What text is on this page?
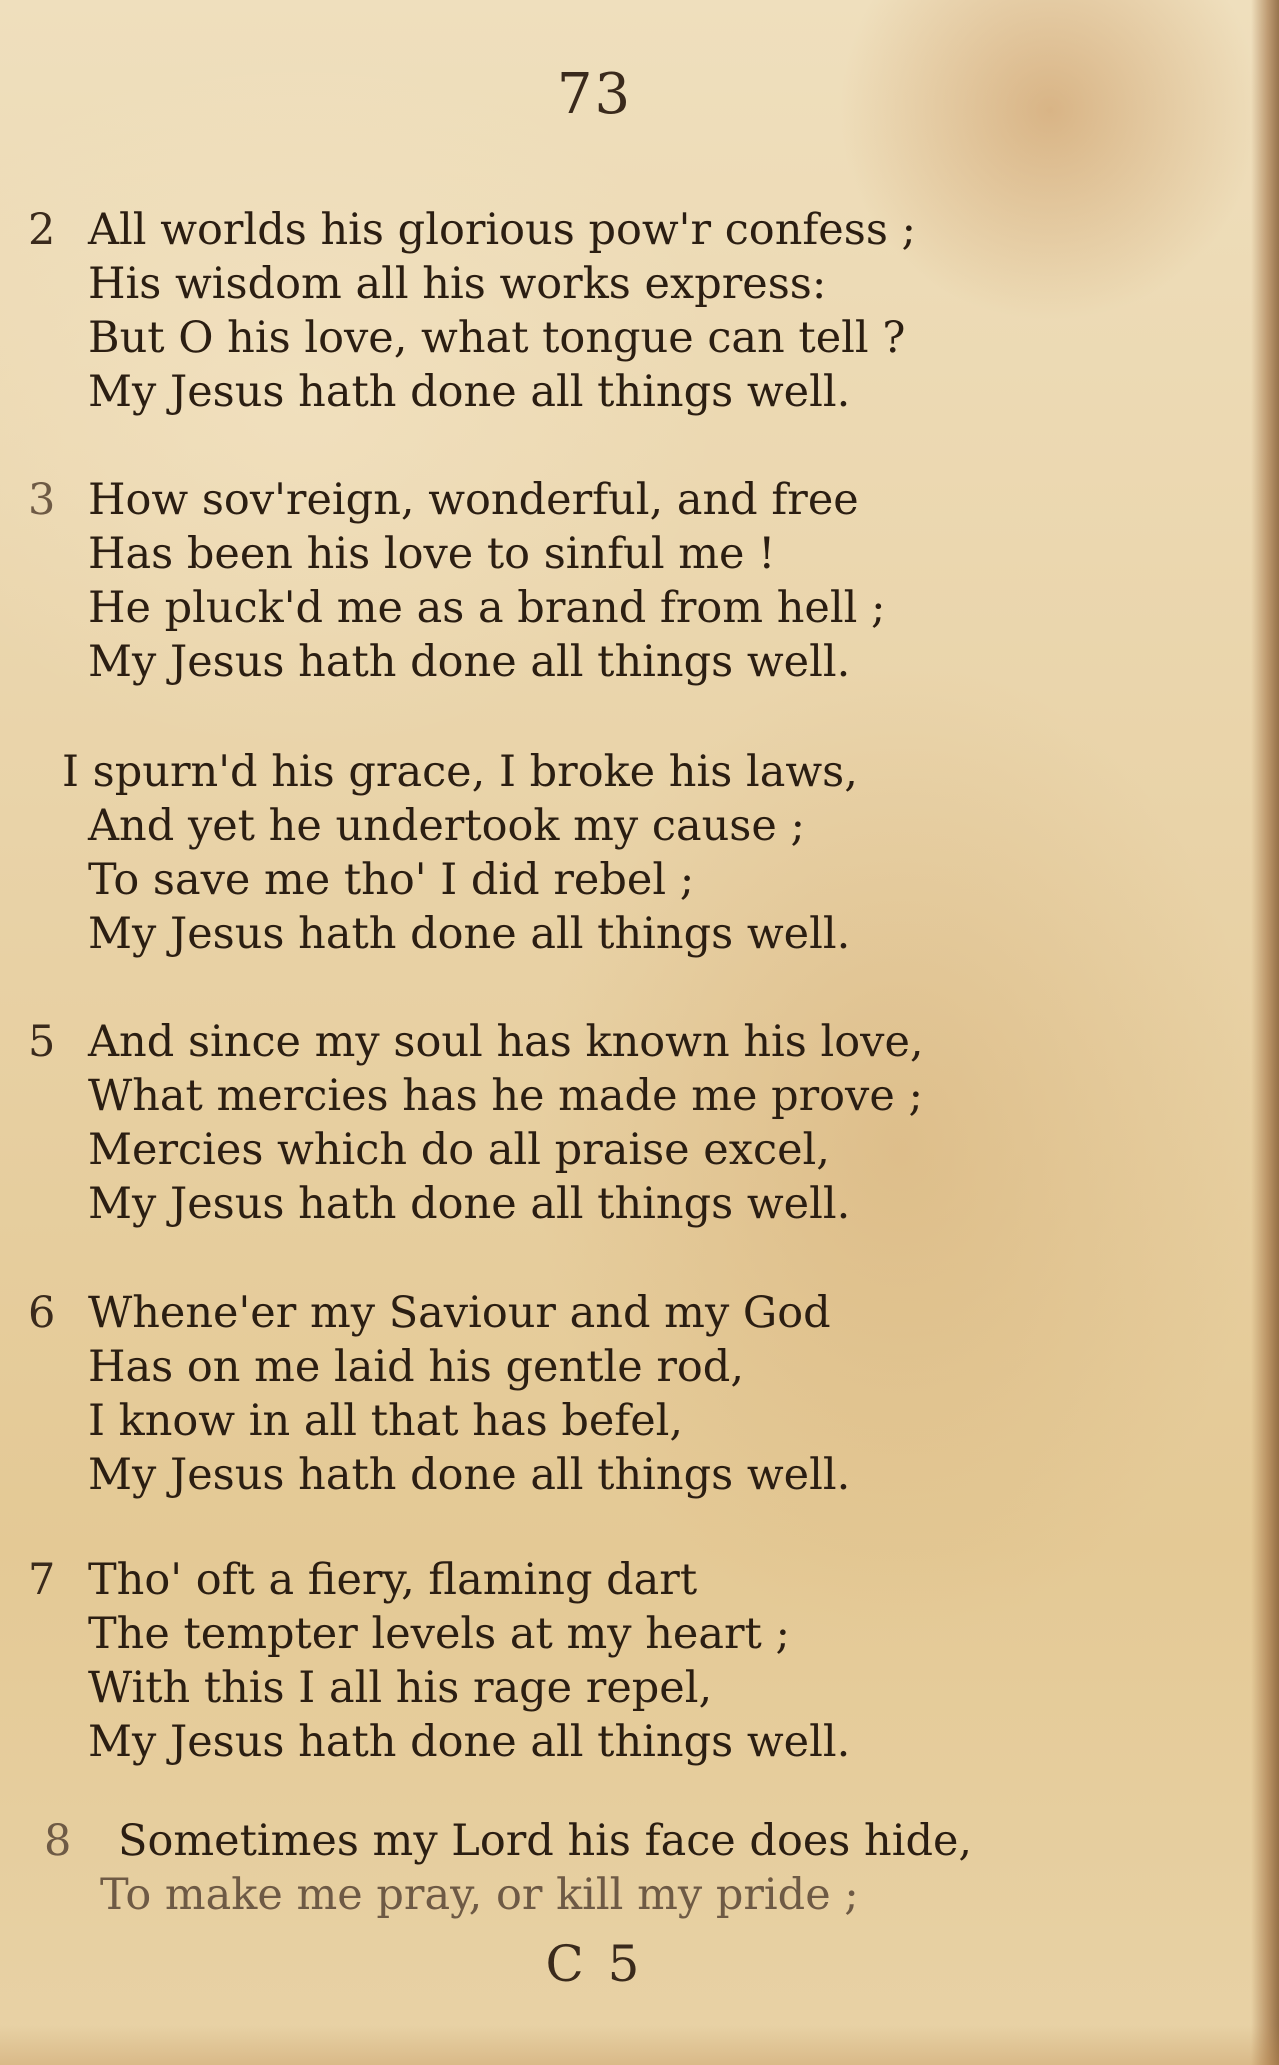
73
2 All worlds his glorious pow'r confess ;
His wisdom all his works express:
But O his love, what tongue can tell ?
My Jesus hath done all things well.
3 How sov'reign, wonderful, and free
Has been his love to sinful me !
He pluck'd me as a brand from hell ;
My Jesus hath done all things well.
I spurn'd his grace, I broke his laws,
And yet he undertook my cause ;
To save me tho' I did rebel ;
My Jesus hath done all things well.
5 And since my soul has known his love,
What mercies has he made me prove ;
Mercies which do all praise excel,
My Jesus hath done all things well.
6 Whene'er my Saviour and my God
Has on me laid his gentle rod,
I know in all that has befel,
My Jesus hath done all things well.
7 Tho' oft a fiery, flaming dart
The tempter levels at my heart ;
With this I all his rage repel,
My Jesus hath done all things well.
8 Sometimes my Lord his face does hide,
To make me pray, or kill my pride ;
C 5
